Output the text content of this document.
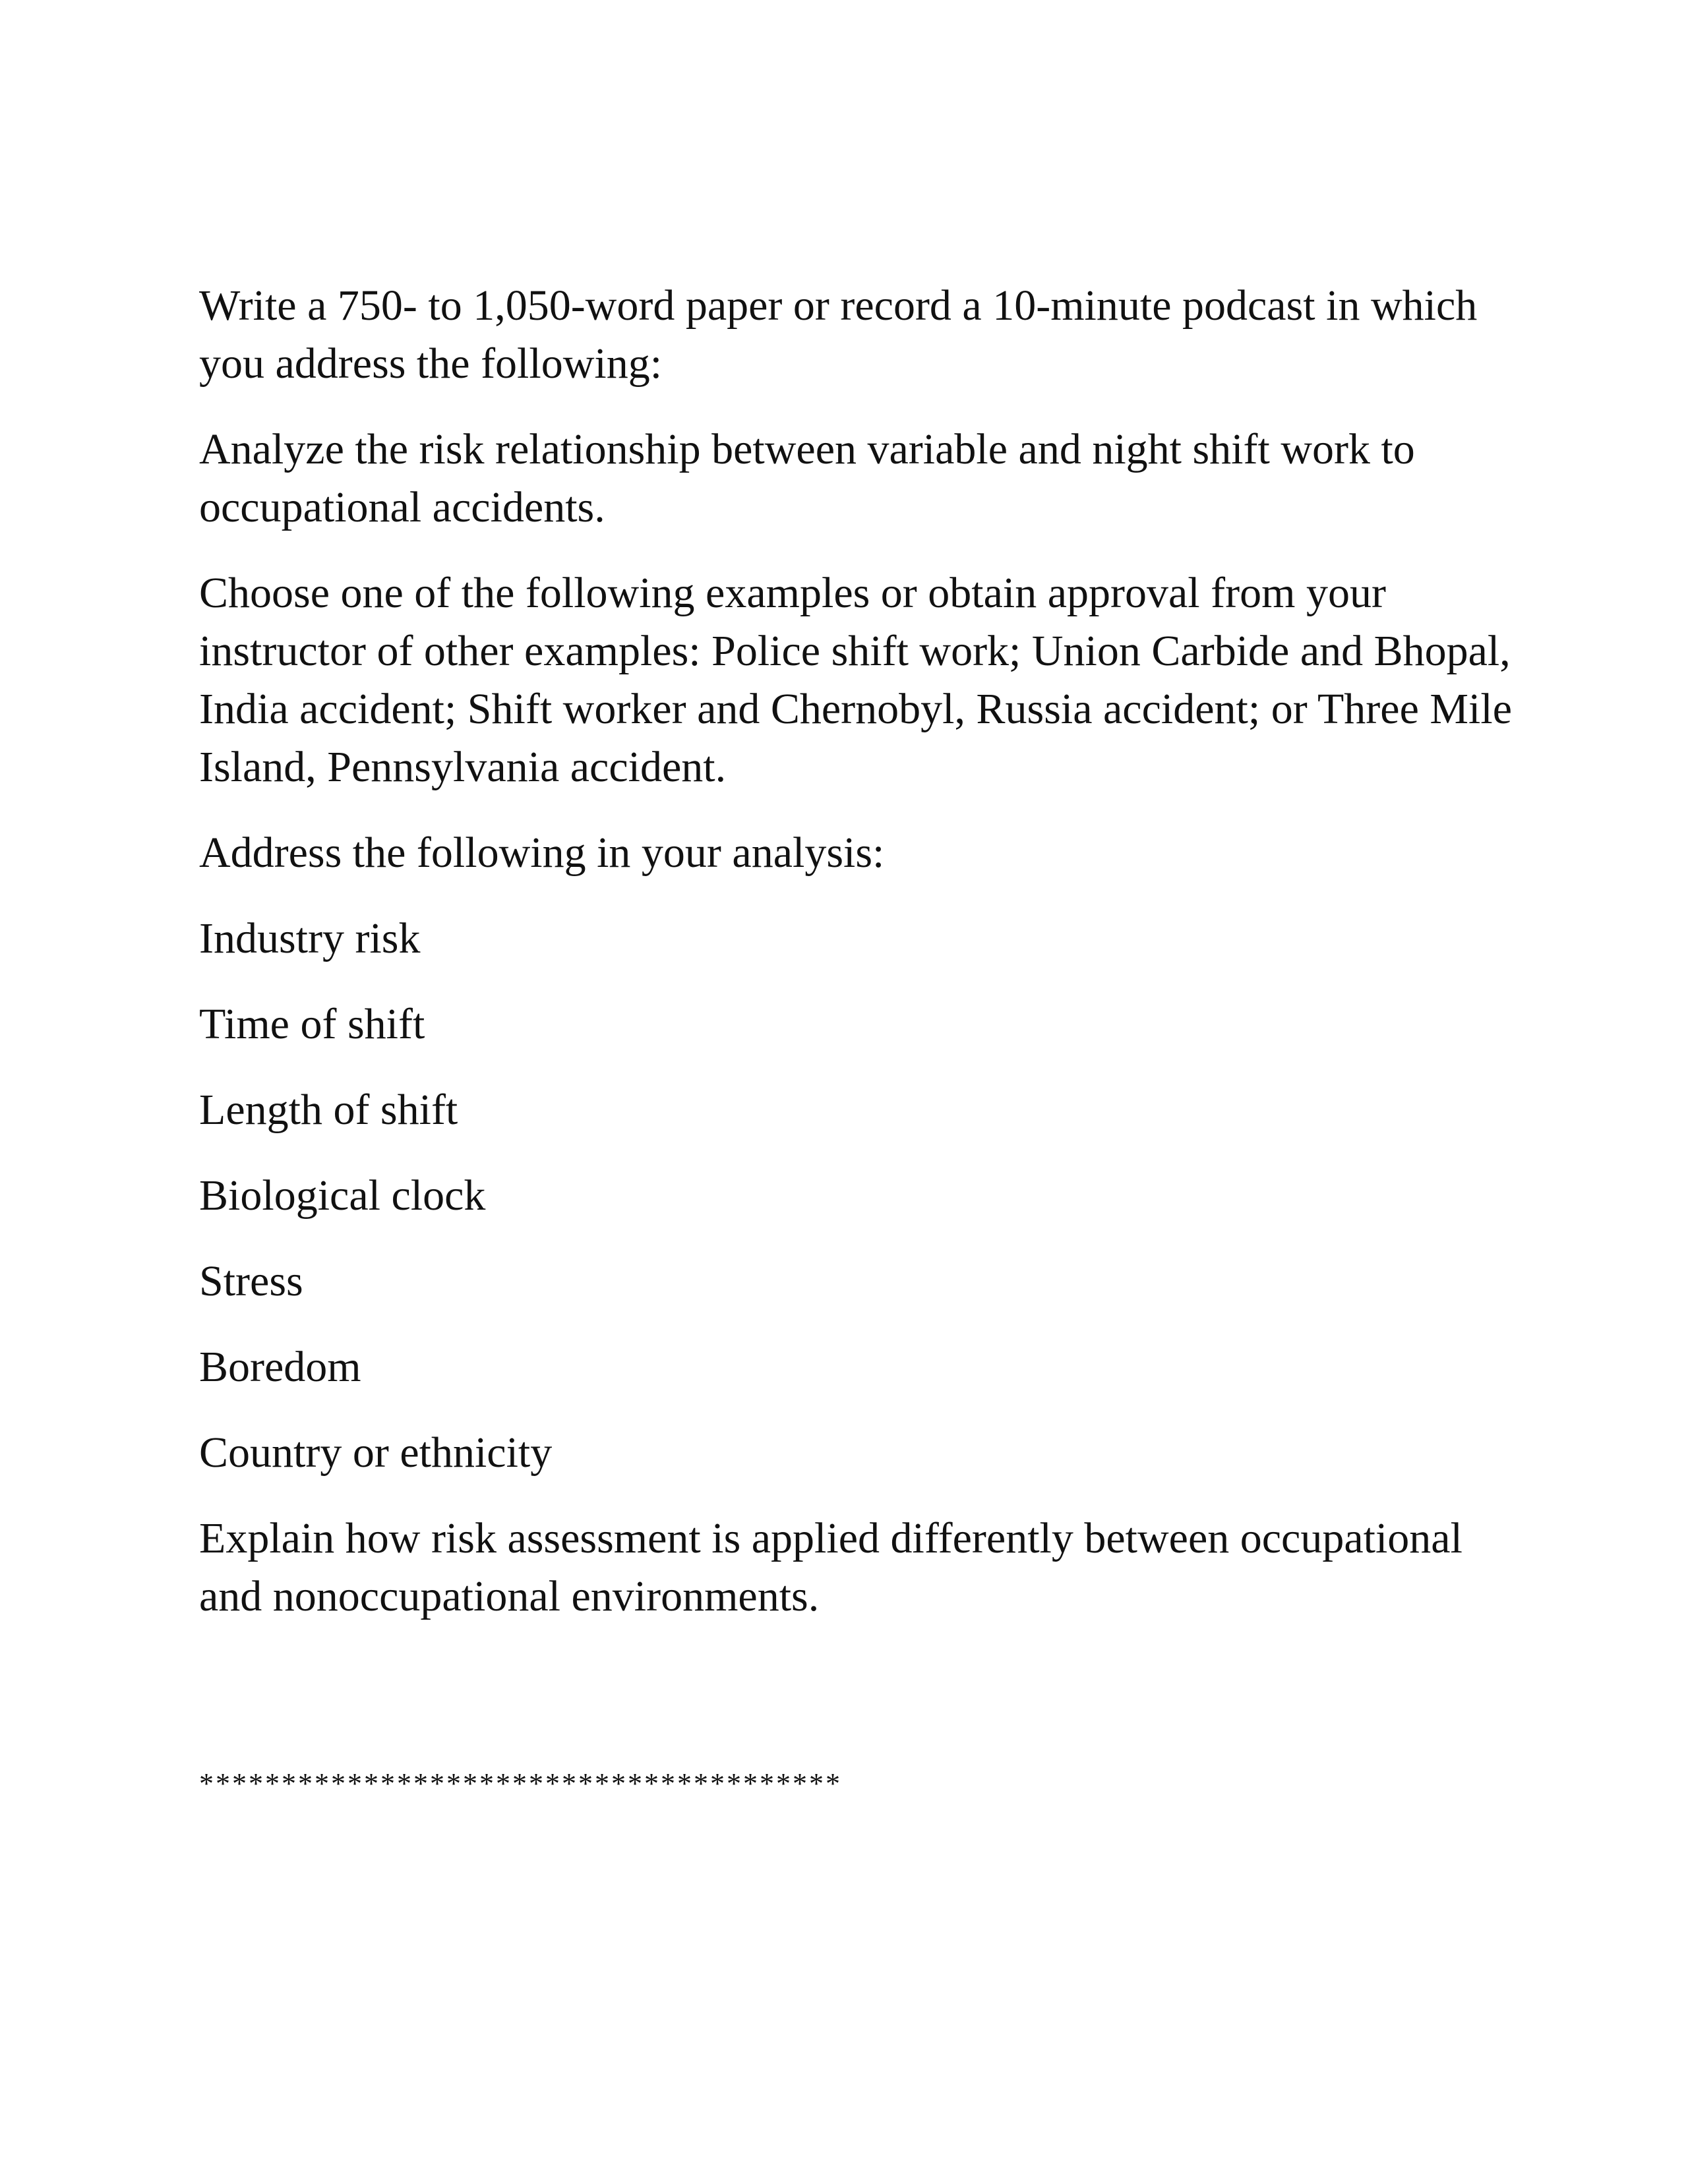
Write a 750- to 1,050-word paper or record a 10-minute podcast in which you address the following:

Analyze the risk relationship between variable and night shift work to occupational accidents.

Choose one of the following examples or obtain approval from your instructor of other examples: Police shift work; Union Carbide and Bhopal, India accident; Shift worker and Chernobyl, Russia accident; or Three Mile Island, Pennsylvania accident.

Address the following in your analysis:

Industry risk

Time of shift

Length of shift

Biological clock

Stress

Boredom

Country or ethnicity

Explain how risk assessment is applied differently between occupational and nonoccupational environments.

***************************************
